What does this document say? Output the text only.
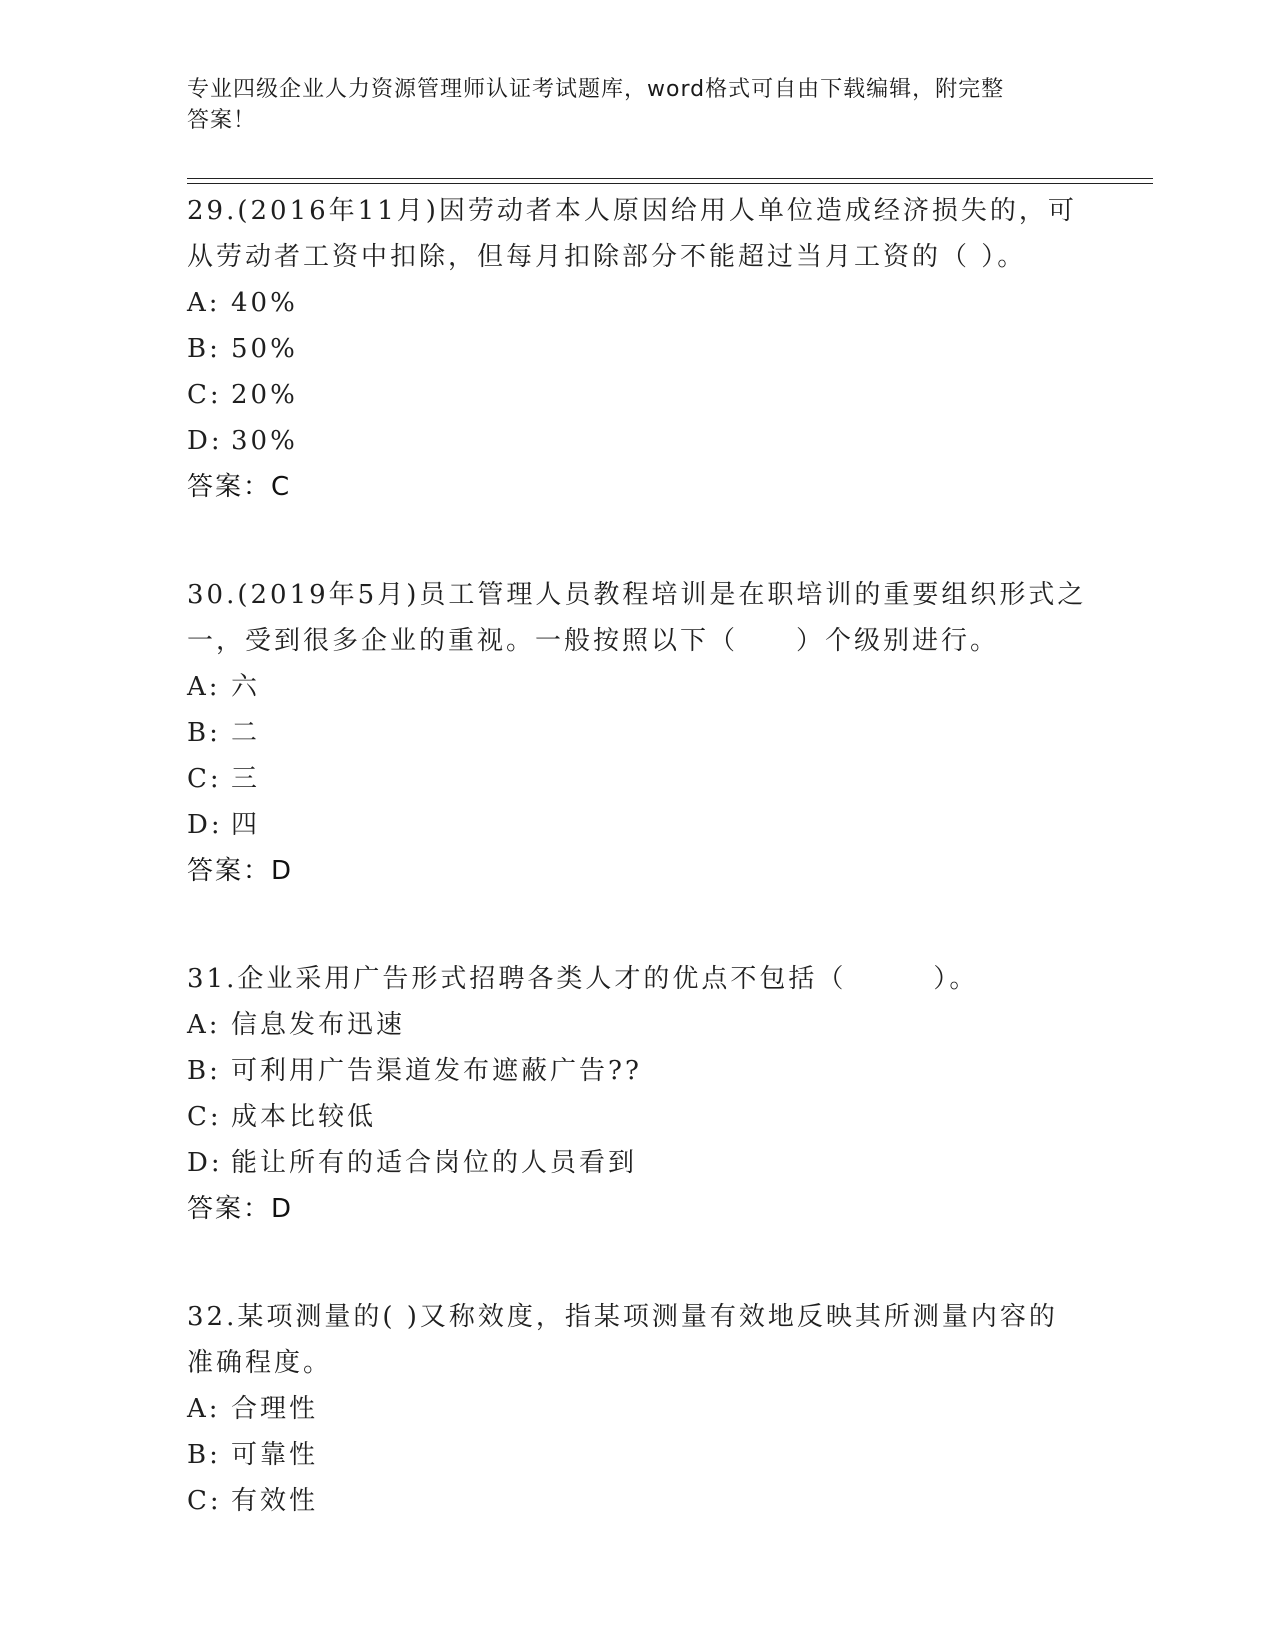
专业四级企业人力资源管理师认证考试题库，word格式可自由下载编辑，附完整
答案！
29.(2016年11月)因劳动者本人原因给用人单位造成经济损失的，可
从劳动者工资中扣除，但每月扣除部分不能超过当月工资的（ ）。
A: 40%
B: 50%
C: 20%
D: 30%
答案：C
30.(2019年5月)员工管理人员教程培训是在职培训的重要组织形式之
一，受到很多企业的重视。一般按照以下（　　）个级别进行。
A: 六
B: 二
C: 三
D: 四
答案：D
31.企业采用广告形式招聘各类人才的优点不包括（　　　）。
A: 信息发布迅速
B: 可利用广告渠道发布遮蔽广告??
C: 成本比较低
D: 能让所有的适合岗位的人员看到
答案：D
32.某项测量的( )又称效度，指某项测量有效地反映其所测量内容的
准确程度。
A: 合理性
B: 可靠性
C: 有效性
